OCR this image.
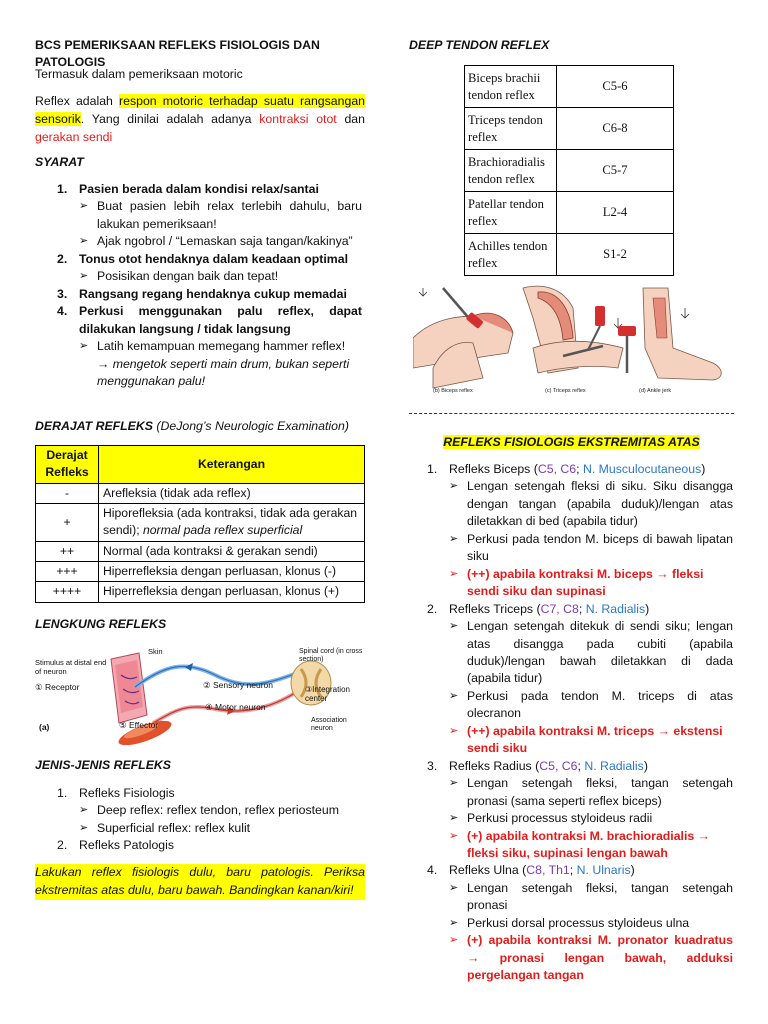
BCS PEMERIKSAAN REFLEKS FISIOLOGIS DAN PATOLOGIS
Termasuk dalam pemeriksaan motoric
Reflex adalah respon motoric terhadap suatu rangsangan sensorik. Yang dinilai adalah adanya kontraksi otot dan gerakan sendi
SYARAT
1. Pasien berada dalam kondisi relax/santai
➢ Buat pasien lebih relax terlebih dahulu, baru lakukan pemeriksaan!
➢ Ajak ngobrol / “Lemaskan saja tangan/kakinya”
2. Tonus otot hendaknya dalam keadaan optimal
➢ Posisikan dengan baik dan tepat!
3. Rangsang regang hendaknya cukup memadai
4. Perkusi menggunakan palu reflex, dapat dilakukan langsung / tidak langsung
➢ Latih kemampuan memegang hammer reflex!
→ mengetok seperti main drum, bukan seperti menggunakan palu!
DERAJAT REFLEKS (DeJong’s Neurologic Examination)
Derajat Refleks	Keterangan
-	Arefleksia (tidak ada reflex)
+	Hiporefleksia (ada kontraksi, tidak ada gerakan sendi); normal pada reflex superficial
++	Normal (ada kontraksi & gerakan sendi)
+++	Hiperrefleksia dengan perluasan, klonus (-)
++++	Hiperrefleksia dengan perluasan, klonus (+)
LENGKUNG REFLEKS
Stimulus at distal end of neuron
① Receptor
Skin
② Sensory neuron
④ Motor neuron
⑤ Effector
Spinal cord (in cross section)
③Integration center
Association neuron
(a)
JENIS-JENIS REFLEKS
1. Refleks Fisiologis
➢ Deep reflex: reflex tendon, reflex periosteum
➢ Superficial reflex: reflex kulit
2. Refleks Patologis
Lakukan reflex fisiologis dulu, baru patologis. Periksa ekstremitas atas dulu, baru bawah. Bandingkan kanan/kiri!
DEEP TENDON REFLEX
Biceps brachii tendon reflex	C5-6
Triceps tendon reflex	C6-8
Brachioradialis tendon reflex	C5-7
Patellar tendon reflex	L2-4
Achilles tendon reflex	S1-2
(b) Biceps reflex	(c) Triceps reflex	(d) Ankle jerk
REFLEKS FISIOLOGIS EKSTREMITAS ATAS
1. Refleks Biceps (C5, C6; N. Musculocutaneous)
➢ Lengan setengah fleksi di siku. Siku disangga dengan tangan (apabila duduk)/lengan atas diletakkan di bed (apabila tidur)
➢ Perkusi pada tendon M. biceps di bawah lipatan siku
➢ (++) apabila kontraksi M. biceps → fleksi sendi siku dan supinasi
2. Refleks Triceps (C7, C8; N. Radialis)
➢ Lengan setengah ditekuk di sendi siku; lengan atas disangga pada cubiti (apabila duduk)/lengan bawah diletakkan di dada (apabila tidur)
➢ Perkusi pada tendon M. triceps di atas olecranon
➢ (++) apabila kontraksi M. triceps → ekstensi sendi siku
3. Refleks Radius (C5, C6; N. Radialis)
➢ Lengan setengah fleksi, tangan setengah pronasi (sama seperti reflex biceps)
➢ Perkusi processus styloideus radii
➢ (+) apabila kontraksi M. brachioradialis → fleksi siku, supinasi lengan bawah
4. Refleks Ulna (C8, Th1; N. Ulnaris)
➢ Lengan setengah fleksi, tangan setengah pronasi
➢ Perkusi dorsal processus styloideus ulna
➢ (+) apabila kontraksi M. pronator kuadratus → pronasi lengan bawah, adduksi pergelangan tangan
